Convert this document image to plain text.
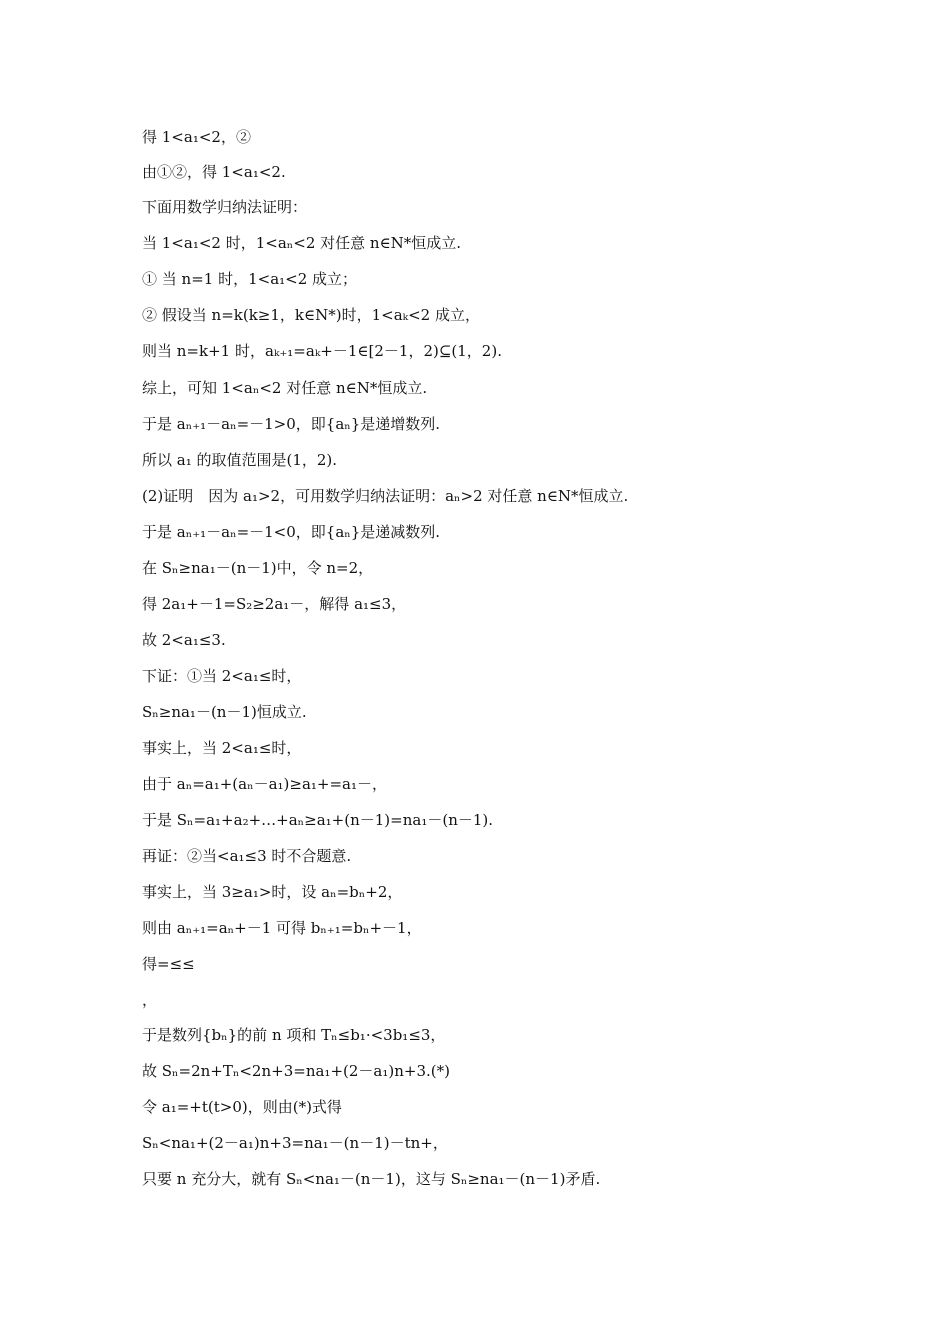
得 1<a₁<2，②
由①②，得 1<a₁<2.
下面用数学归纳法证明：
当 1<a₁<2 时，1<aₙ<2 对任意 n∈N*恒成立.
① 当 n=1 时，1<a₁<2 成立；
② 假设当 n=k(k≥1，k∈N*)时，1<aₖ<2 成立，
则当 n=k+1 时，aₖ₊₁=aₖ+－1∈[2－1，2)⊆(1，2).
综上，可知 1<aₙ<2 对任意 n∈N*恒成立.
于是 aₙ₊₁－aₙ=－1>0，即{aₙ}是递增数列.
所以 a₁ 的取值范围是(1，2).
(2)证明　因为 a₁>2，可用数学归纳法证明：aₙ>2 对任意 n∈N*恒成立.
于是 aₙ₊₁－aₙ=－1<0，即{aₙ}是递减数列.
在 Sₙ≥na₁－(n－1)中，令 n=2，
得 2a₁+－1=S₂≥2a₁－，解得 a₁≤3，
故 2<a₁≤3.
下证：①当 2<a₁≤时，
Sₙ≥na₁－(n－1)恒成立.
事实上，当 2<a₁≤时，
由于 aₙ=a₁+(aₙ－a₁)≥a₁+=a₁－，
于是 Sₙ=a₁+a₂+…+aₙ≥a₁+(n－1)=na₁－(n－1).
再证：②当<a₁≤3 时不合题意.
事实上，当 3≥a₁>时，设 aₙ=bₙ+2，
则由 aₙ₊₁=aₙ+－1 可得 bₙ₊₁=bₙ+－1，
得=≤≤
，
于是数列{bₙ}的前 n 项和 Tₙ≤b₁·<3b₁≤3，
故 Sₙ=2n+Tₙ<2n+3=na₁+(2－a₁)n+3.(*)
令 a₁=+t(t>0)，则由(*)式得
Sₙ<na₁+(2－a₁)n+3=na₁－(n－1)－tn+，
只要 n 充分大，就有 Sₙ<na₁－(n－1)，这与 Sₙ≥na₁－(n－1)矛盾.
